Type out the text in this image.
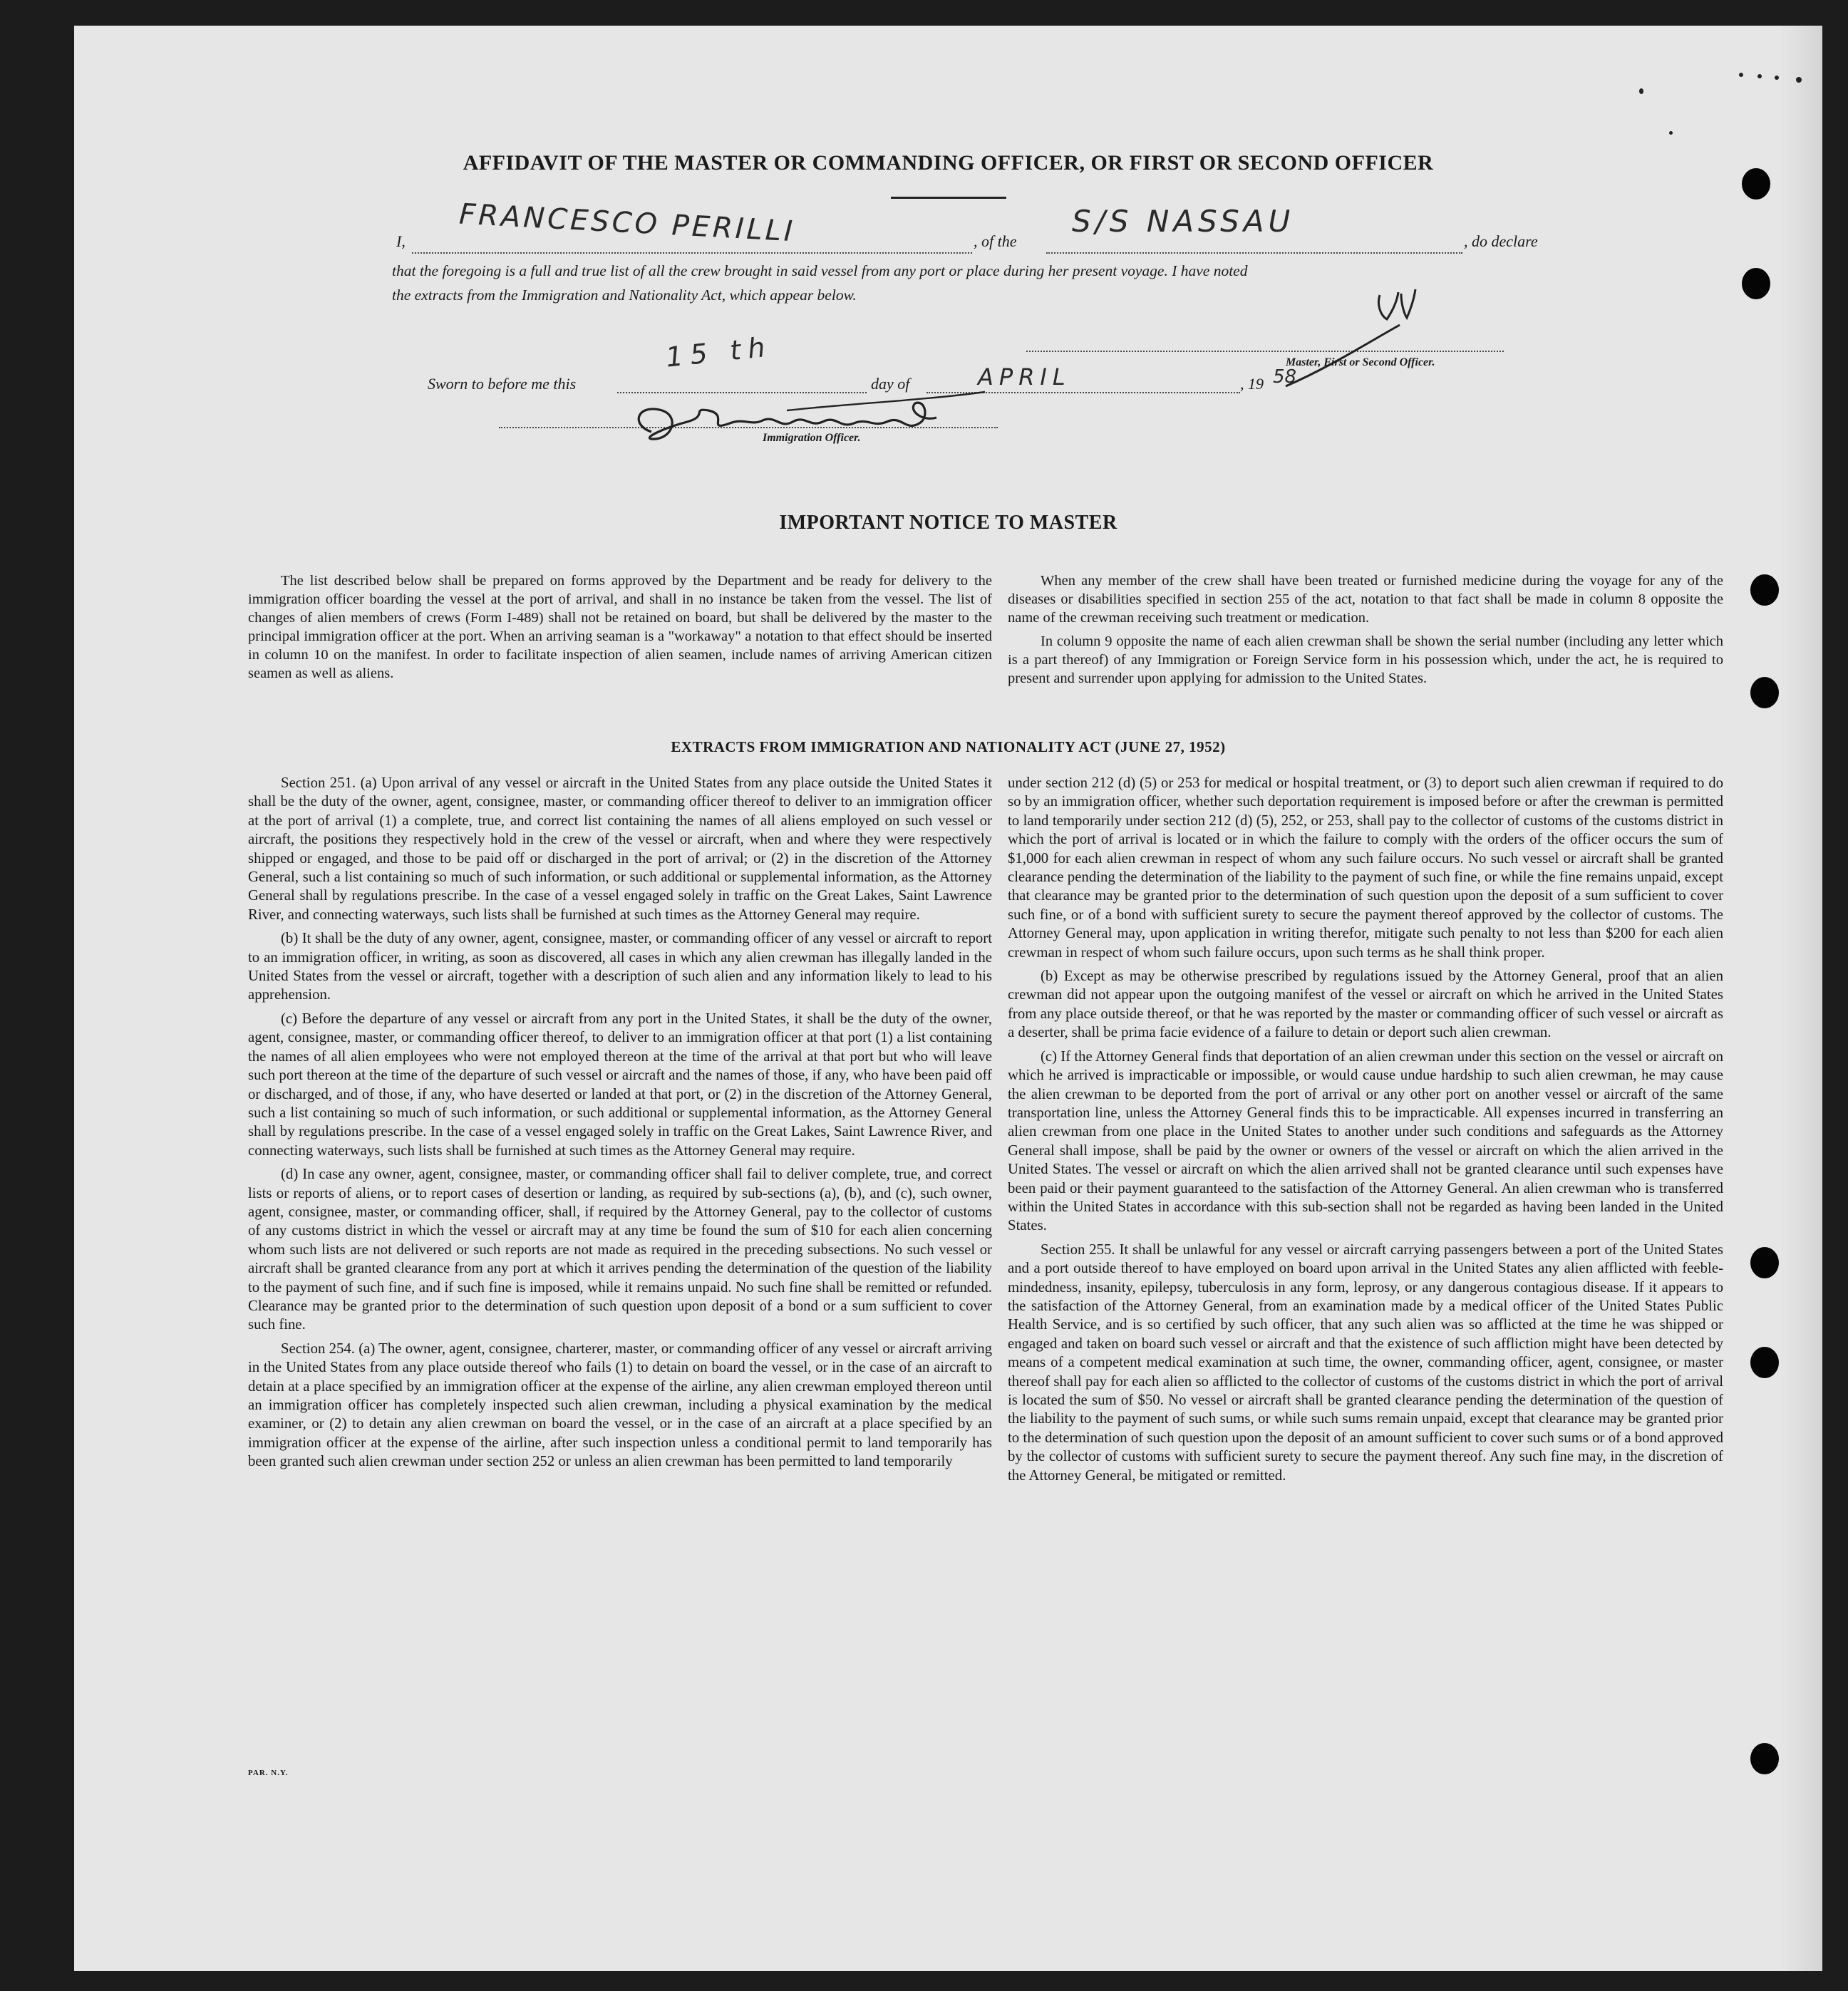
AFFIDAVIT OF THE MASTER OR COMMANDING OFFICER, OR FIRST OR SECOND OFFICER
I, FRANCESCO PERILLI	, of the
S/S NASSAU
, do declare
that the foregoing is a full and true list of all the crew brought in said vessel from any port or place during her present voyage. I have noted
the extracts from the Immigration and Nationality Act, which appear below.
Master, First or Second Officer.
Sworn to before me this
15 th
day of	APRIL	, 19 58
Immigration Officer.
IMPORTANT NOTICE TO MASTER

The list described below shall be prepared on forms approved by the Department and be ready for delivery to the immigration officer boarding the vessel at the port of arrival, and shall in no instance be taken from the vessel. The list of changes of alien members of crews (Form I-489) shall not be retained on board, but shall be delivered by the master to the principal immigration officer at the port. When an arriving seaman is a "workaway" a notation to that effect should be inserted in column 10 on the manifest. In order to facilitate inspection of alien seamen, include names of arriving American citizen seamen as well as aliens.

When any member of the crew shall have been treated or furnished medicine during the voyage for any of the diseases or disabilities specified in section 255 of the act, notation to that fact shall be made in column 8 opposite the name of the crewman receiving such treatment or medication.

In column 9 opposite the name of each alien crewman shall be shown the serial number (including any letter which is a part thereof) of any Immigration or Foreign Service form in his possession which, under the act, he is required to present and surrender upon applying for admission to the United States.

EXTRACTS FROM IMMIGRATION AND NATIONALITY ACT (JUNE 27, 1952)

Section 251. (a) Upon arrival of any vessel or aircraft in the United States from any place outside the United States it shall be the duty of the owner, agent, consignee, master, or commanding officer thereof to deliver to an immigration officer at the port of arrival (1) a complete, true, and correct list containing the names of all aliens employed on such vessel or aircraft, the positions they respectively hold in the crew of the vessel or aircraft, when and where they were respectively shipped or engaged, and those to be paid off or discharged in the port of arrival; or (2) in the discretion of the Attorney General, such a list containing so much of such information, or such additional or supplemental information, as the Attorney General shall by regulations prescribe. In the case of a vessel engaged solely in traffic on the Great Lakes, Saint Lawrence River, and connecting waterways, such lists shall be furnished at such times as the Attorney General may require.

(b) It shall be the duty of any owner, agent, consignee, master, or commanding officer of any vessel or aircraft to report to an immigration officer, in writing, as soon as discovered, all cases in which any alien crewman has illegally landed in the United States from the vessel or aircraft, together with a description of such alien and any information likely to lead to his apprehension.

(c) Before the departure of any vessel or aircraft from any port in the United States, it shall be the duty of the owner, agent, consignee, master, or commanding officer thereof, to deliver to an immigration officer at that port (1) a list containing the names of all alien employees who were not employed thereon at the time of the arrival at that port but who will leave such port thereon at the time of the departure of such vessel or aircraft and the names of those, if any, who have been paid off or discharged, and of those, if any, who have deserted or landed at that port, or (2) in the discretion of the Attorney General, such a list containing so much of such information, or such additional or supplemental information, as the Attorney General shall by regulations prescribe. In the case of a vessel engaged solely in traffic on the Great Lakes, Saint Lawrence River, and connecting waterways, such lists shall be furnished at such times as the Attorney General may require.

(d) In case any owner, agent, consignee, master, or commanding officer shall fail to deliver complete, true, and correct lists or reports of aliens, or to report cases of desertion or landing, as required by sub-sections (a), (b), and (c), such owner, agent, consignee, master, or commanding officer, shall, if required by the Attorney General, pay to the collector of customs of any customs district in which the vessel or aircraft may at any time be found the sum of $10 for each alien concerning whom such lists are not delivered or such reports are not made as required in the preceding subsections. No such vessel or aircraft shall be granted clearance from any port at which it arrives pending the determination of the question of the liability to the payment of such fine, and if such fine is imposed, while it remains unpaid. No such fine shall be remitted or refunded. Clearance may be granted prior to the determination of such question upon deposit of a bond or a sum sufficient to cover such fine.

Section 254. (a) The owner, agent, consignee, charterer, master, or commanding officer of any vessel or aircraft arriving in the United States from any place outside thereof who fails (1) to detain on board the vessel, or in the case of an aircraft to detain at a place specified by an immigration officer at the expense of the airline, any alien crewman employed thereon until an immigration officer has completely inspected such alien crewman, including a physical examination by the medical examiner, or (2) to detain any alien crewman on board the vessel, or in the case of an aircraft at a place specified by an immigration officer at the expense of the airline, after such inspection unless a conditional permit to land temporarily has been granted such alien crewman under section 252 or unless an alien crewman has been permitted to land temporarily

under section 212 (d) (5) or 253 for medical or hospital treatment, or (3) to deport such alien crewman if required to do so by an immigration officer, whether such deportation requirement is imposed before or after the crewman is permitted to land temporarily under section 212 (d) (5), 252, or 253, shall pay to the collector of customs of the customs district in which the port of arrival is located or in which the failure to comply with the orders of the officer occurs the sum of $1,000 for each alien crewman in respect of whom any such failure occurs. No such vessel or aircraft shall be granted clearance pending the determination of the liability to the payment of such fine, or while the fine remains unpaid, except that clearance may be granted prior to the determination of such question upon the deposit of a sum sufficient to cover such fine, or of a bond with sufficient surety to secure the payment thereof approved by the collector of customs. The Attorney General may, upon application in writing therefor, mitigate such penalty to not less than $200 for each alien crewman in respect of whom such failure occurs, upon such terms as he shall think proper.

(b) Except as may be otherwise prescribed by regulations issued by the Attorney General, proof that an alien crewman did not appear upon the outgoing manifest of the vessel or aircraft on which he arrived in the United States from any place outside thereof, or that he was reported by the master or commanding officer of such vessel or aircraft as a deserter, shall be prima facie evidence of a failure to detain or deport such alien crewman.

(c) If the Attorney General finds that deportation of an alien crewman under this section on the vessel or aircraft on which he arrived is impracticable or impossible, or would cause undue hardship to such alien crewman, he may cause the alien crewman to be deported from the port of arrival or any other port on another vessel or aircraft of the same transportation line, unless the Attorney General finds this to be impracticable. All expenses incurred in transferring an alien crewman from one place in the United States to another under such conditions and safeguards as the Attorney General shall impose, shall be paid by the owner or owners of the vessel or aircraft on which the alien arrived in the United States. The vessel or aircraft on which the alien arrived shall not be granted clearance until such expenses have been paid or their payment guaranteed to the satisfaction of the Attorney General. An alien crewman who is transferred within the United States in accordance with this sub-section shall not be regarded as having been landed in the United States.

Section 255. It shall be unlawful for any vessel or aircraft carrying passengers between a port of the United States and a port outside thereof to have employed on board upon arrival in the United States any alien afflicted with feeble-mindedness, insanity, epilepsy, tuberculosis in any form, leprosy, or any dangerous contagious disease. If it appears to the satisfaction of the Attorney General, from an examination made by a medical officer of the United States Public Health Service, and is so certified by such officer, that any such alien was so afflicted at the time he was shipped or engaged and taken on board such vessel or aircraft and that the existence of such affliction might have been detected by means of a competent medical examination at such time, the owner, commanding officer, agent, consignee, or master thereof shall pay for each alien so afflicted to the collector of customs of the customs district in which the port of arrival is located the sum of $50. No vessel or aircraft shall be granted clearance pending the determination of the question of the liability to the payment of such sums, or while such sums remain unpaid, except that clearance may be granted prior to the determination of such question upon the deposit of an amount sufficient to cover such sums or of a bond approved by the collector of customs with sufficient surety to secure the payment thereof. Any such fine may, in the discretion of the Attorney General, be mitigated or remitted.

PAR. N.Y.
